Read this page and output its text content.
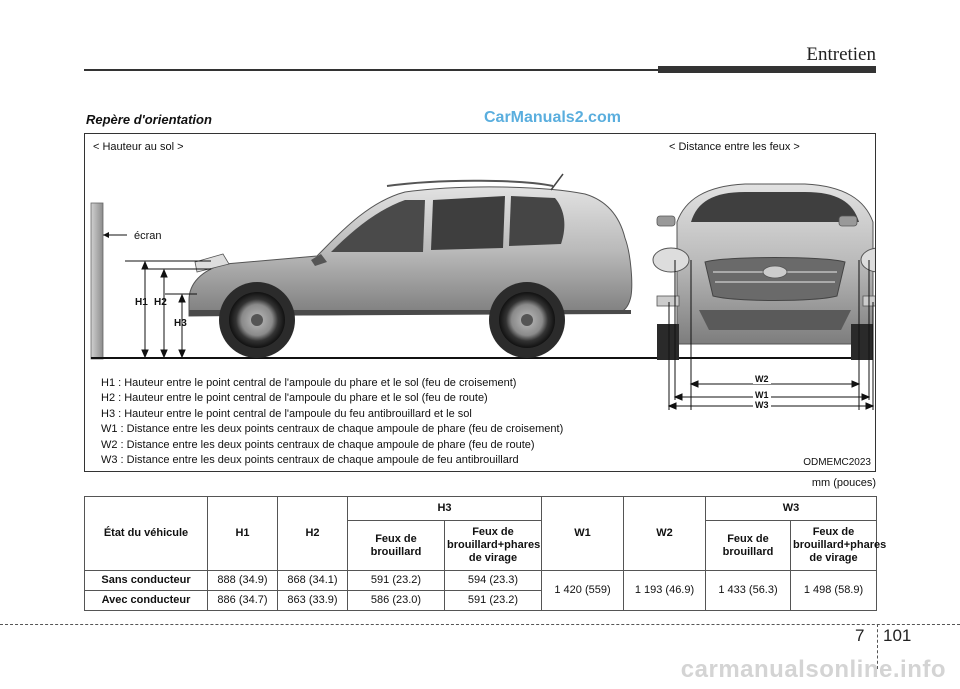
Entretien
Repère d'orientation	CarManuals2.com
< Hauteur au sol >	< Distance entre les feux >
écran
H1 H2
H3
W2
W1
W3
H1 : Hauteur entre le point central de l'ampoule du phare et le sol (feu de croisement)
H2 : Hauteur entre le point central de l'ampoule du phare et le sol (feu de route)
H3 : Hauteur entre le point central de l'ampoule du feu antibrouillard et le sol
W1 : Distance entre les deux points centraux de chaque ampoule de phare (feu de croisement)
W2 : Distance entre les deux points centraux de chaque ampoule de phare (feu de route)
W3 : Distance entre les deux points centraux de chaque ampoule de feu antibrouillard	ODMEMC2023
mm (pouces)
État du véhicule	H1	H2	H3		W1	W2	W3	
			Feux de brouillard	Feux de brouillard+phares de virage			Feux de brouillard	Feux de brouillard+phares de virage
Sans conducteur	888 (34.9)	868 (34.1)	591 (23.2)	594 (23.3)	1 420 (559)	1 193 (46.9)	1 433 (56.3)	1 498 (58.9)
Avec conducteur	886 (34.7)	863 (33.9)	586 (23.0)	591 (23.2)				
7 101
carmanualsonline.info
